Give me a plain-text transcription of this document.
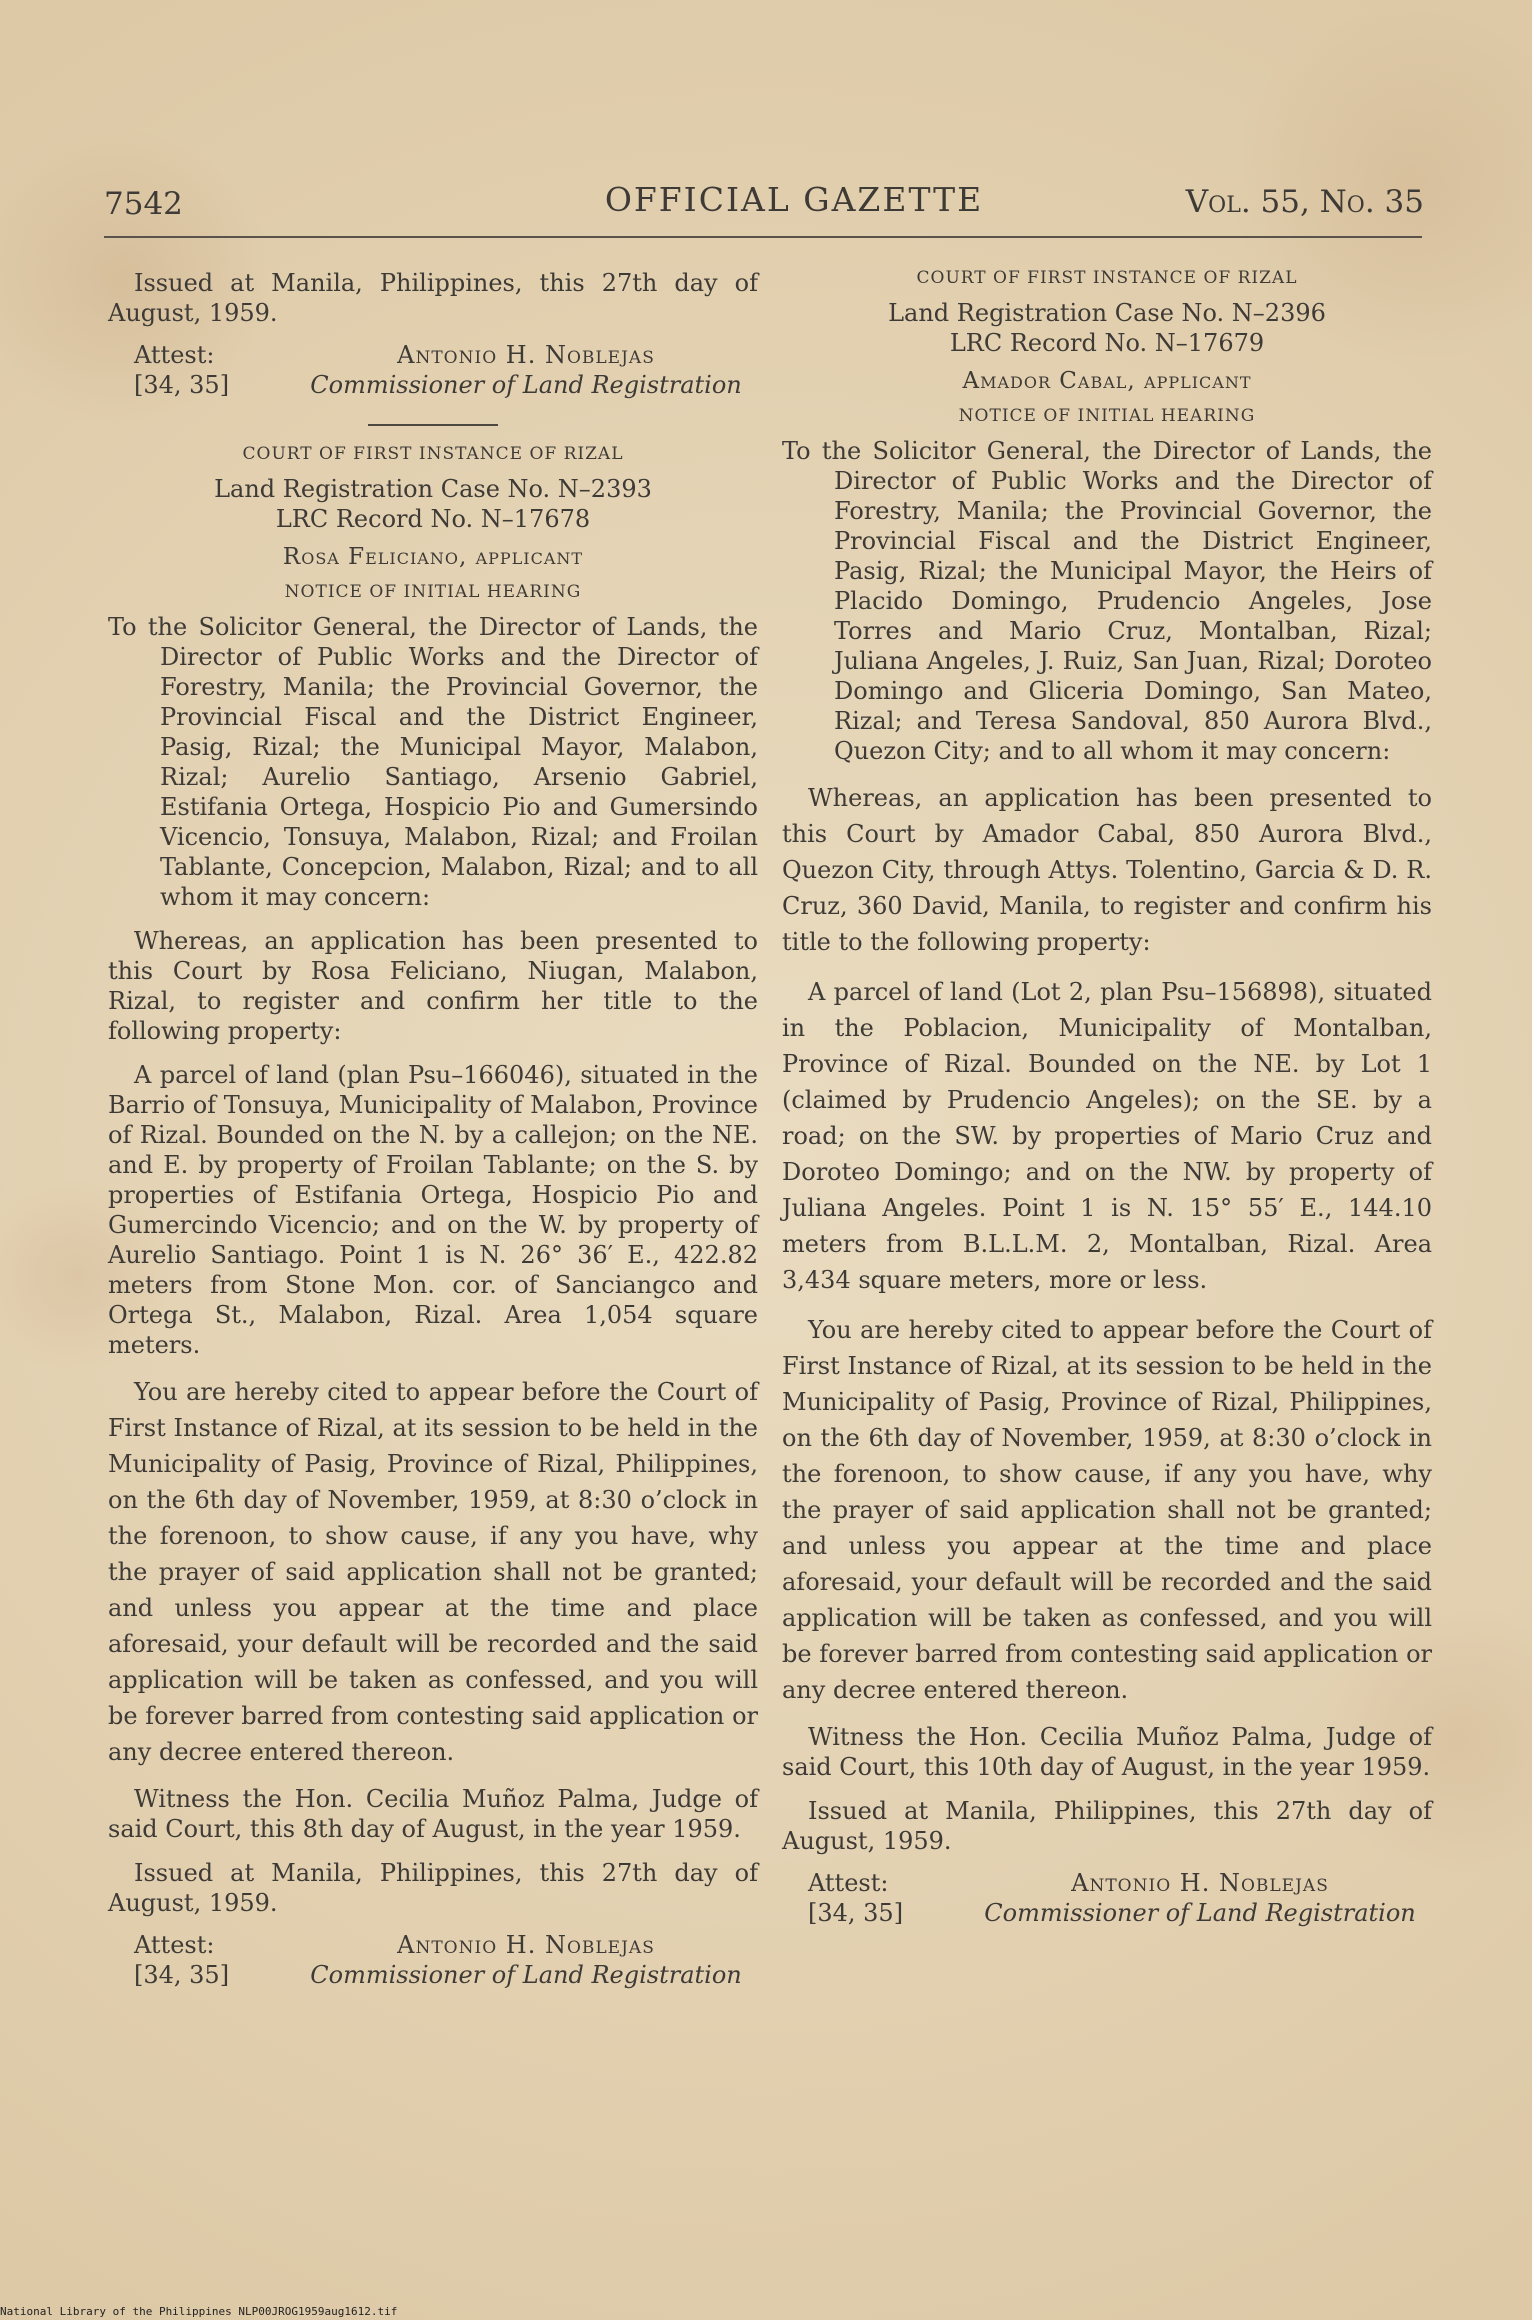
7542	OFFICIAL GAZETTE	Vol. 55, No. 35

Issued at Manila, Philippines, this 27th day of August, 1959.

Attest:
[34, 35]
Antonio H. Noblejas
Commissioner of Land Registration
COURT OF FIRST INSTANCE OF RIZAL
Land Registration Case No. N–2393
LRC Record No. N–17678
Rosa Feliciano, applicant
NOTICE OF INITIAL HEARING

To the Solicitor General, the Director of Lands, the Director of Public Works and the Director of Forestry, Manila; the Provincial Governor, the Provincial Fiscal and the District Engineer, Pasig, Rizal; the Municipal Mayor, Malabon, Rizal; Aurelio Santiago, Arsenio Gabriel, Estifania Ortega, Hospicio Pio and Gumersindo Vicencio, Tonsuya, Malabon, Rizal; and Froilan Tablante, Concepcion, Malabon, Rizal; and to all whom it may concern:

Whereas, an application has been presented to this Court by Rosa Feliciano, Niugan, Malabon, Rizal, to register and confirm her title to the following property:

A parcel of land (plan Psu–166046), situated in the Barrio of Tonsuya, Municipality of Malabon, Province of Rizal. Bounded on the N. by a callejon; on the NE. and E. by property of Froilan Tablante; on the S. by properties of Estifania Ortega, Hospicio Pio and Gumercindo Vicencio; and on the W. by property of Aurelio Santiago. Point 1 is N. 26° 36′ E., 422.82 meters from Stone Mon. cor. of Sanciangco and Ortega St., Malabon, Rizal. Area 1,054 square meters.

You are hereby cited to appear before the Court of First Instance of Rizal, at its session to be held in the Municipality of Pasig, Province of Rizal, Philippines, on the 6th day of November, 1959, at 8:30 o’clock in the forenoon, to show cause, if any you have, why the prayer of said application shall not be granted; and unless you appear at the time and place aforesaid, your default will be recorded and the said application will be taken as confessed, and you will be forever barred from contesting said application or any decree entered thereon.

Witness the Hon. Cecilia Muñoz Palma, Judge of said Court, this 8th day of August, in the year 1959.

Issued at Manila, Philippines, this 27th day of August, 1959.

Attest:
[34, 35]
Antonio H. Noblejas
Commissioner of Land Registration
COURT OF FIRST INSTANCE OF RIZAL
Land Registration Case No. N–2396
LRC Record No. N–17679
Amador Cabal, applicant
NOTICE OF INITIAL HEARING

To the Solicitor General, the Director of Lands, the Director of Public Works and the Director of Forestry, Manila; the Provincial Governor, the Provincial Fiscal and the District Engineer, Pasig, Rizal; the Municipal Mayor, the Heirs of Placido Domingo, Prudencio Angeles, Jose Torres and Mario Cruz, Montalban, Rizal; Juliana Angeles, J. Ruiz, San Juan, Rizal; Doroteo Domingo and Gliceria Domingo, San Mateo, Rizal; and Teresa Sandoval, 850 Aurora Blvd., Quezon City; and to all whom it may concern:

Whereas, an application has been presented to this Court by Amador Cabal, 850 Aurora Blvd., Quezon City, through Attys. Tolentino, Garcia & D. R. Cruz, 360 David, Manila, to register and confirm his title to the following property:

A parcel of land (Lot 2, plan Psu–156898), situated in the Poblacion, Municipality of Montalban, Province of Rizal. Bounded on the NE. by Lot 1 (claimed by Prudencio Angeles); on the SE. by a road; on the SW. by properties of Mario Cruz and Doroteo Domingo; and on the NW. by property of Juliana Angeles. Point 1 is N. 15° 55′ E., 144.10 meters from B.L.L.M. 2, Montalban, Rizal. Area 3,434 square meters, more or less.

You are hereby cited to appear before the Court of First Instance of Rizal, at its session to be held in the Municipality of Pasig, Province of Rizal, Philippines, on the 6th day of November, 1959, at 8:30 o’clock in the forenoon, to show cause, if any you have, why the prayer of said application shall not be granted; and unless you appear at the time and place aforesaid, your default will be recorded and the said application will be taken as confessed, and you will be forever barred from contesting said application or any decree entered thereon.

Witness the Hon. Cecilia Muñoz Palma, Judge of said Court, this 10th day of August, in the year 1959.

Issued at Manila, Philippines, this 27th day of August, 1959.

Attest:
[34, 35]
Antonio H. Noblejas
Commissioner of Land Registration
National Library of the Philippines NLP00JROG1959aug1612.tif
